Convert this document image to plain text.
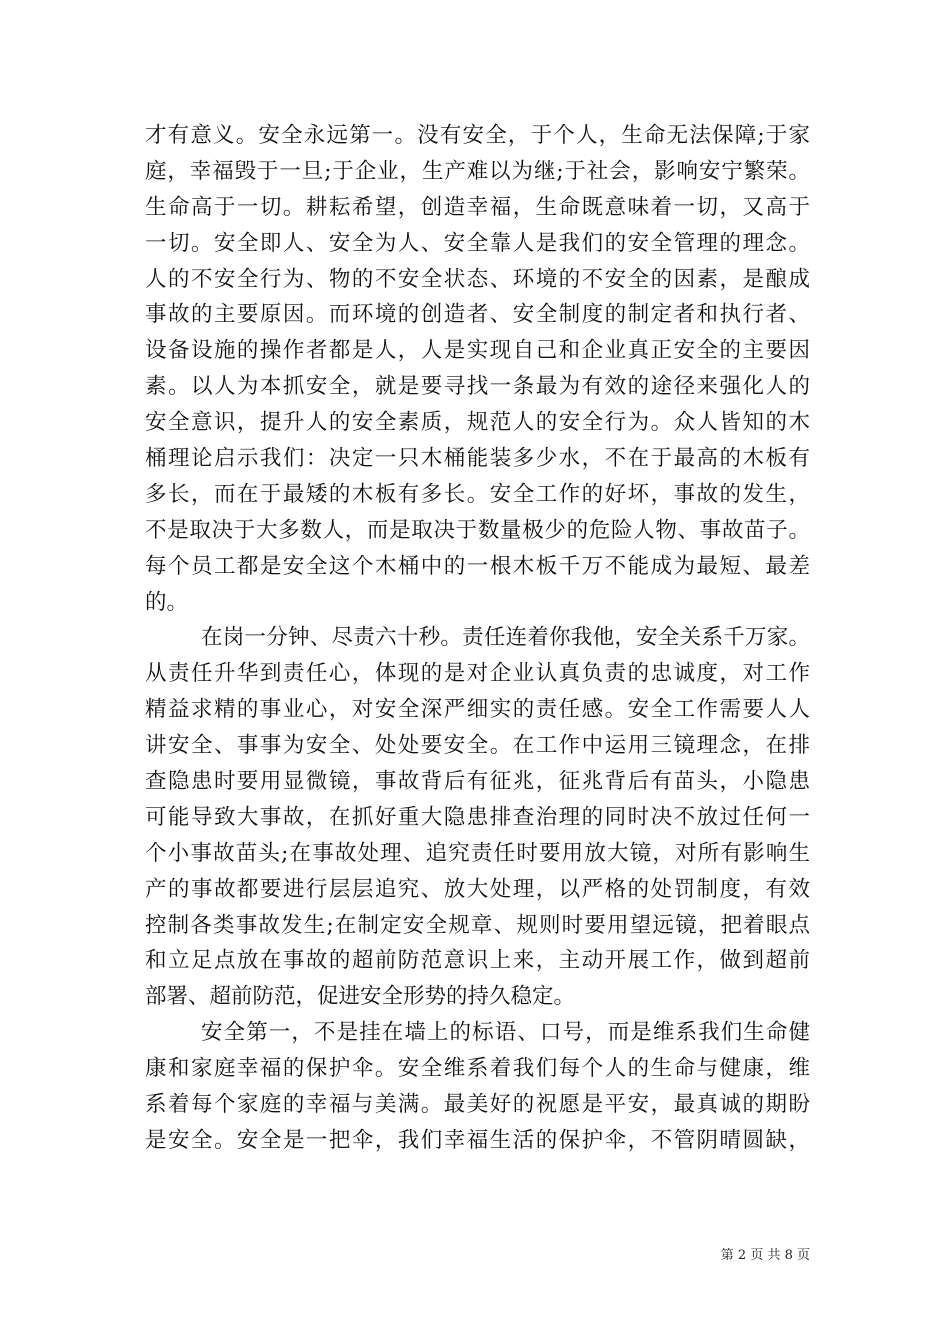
才有意义。安全永远第一。没有安全，于个人，生命无法保障;于家
庭，幸福毁于一旦;于企业，生产难以为继;于社会，影响安宁繁荣。
生命高于一切。耕耘希望，创造幸福，生命既意味着一切，又高于
一切。安全即人、安全为人、安全靠人是我们的安全管理的理念。
人的不安全行为、物的不安全状态、环境的不安全的因素，是酿成
事故的主要原因。而环境的创造者、安全制度的制定者和执行者、
设备设施的操作者都是人，人是实现自己和企业真正安全的主要因
素。以人为本抓安全，就是要寻找一条最为有效的途径来强化人的
安全意识，提升人的安全素质，规范人的安全行为。众人皆知的木
桶理论启示我们：决定一只木桶能装多少水，不在于最高的木板有
多长，而在于最矮的木板有多长。安全工作的好坏，事故的发生，
不是取决于大多数人，而是取决于数量极少的危险人物、事故苗子。
每个员工都是安全这个木桶中的一根木板千万不能成为最短、最差
的。
在岗一分钟、尽责六十秒。责任连着你我他，安全关系千万家。
从责任升华到责任心，体现的是对企业认真负责的忠诚度，对工作
精益求精的事业心，对安全深严细实的责任感。安全工作需要人人
讲安全、事事为安全、处处要安全。在工作中运用三镜理念，在排
查隐患时要用显微镜，事故背后有征兆，征兆背后有苗头，小隐患
可能导致大事故，在抓好重大隐患排查治理的同时决不放过任何一
个小事故苗头;在事故处理、追究责任时要用放大镜，对所有影响生
产的事故都要进行层层追究、放大处理，以严格的处罚制度，有效
控制各类事故发生;在制定安全规章、规则时要用望远镜，把着眼点
和立足点放在事故的超前防范意识上来，主动开展工作，做到超前
部署、超前防范，促进安全形势的持久稳定。
安全第一，不是挂在墙上的标语、口号，而是维系我们生命健
康和家庭幸福的保护伞。安全维系着我们每个人的生命与健康，维
系着每个家庭的幸福与美满。最美好的祝愿是平安，最真诚的期盼
是安全。安全是一把伞，我们幸福生活的保护伞，不管阴晴圆缺，
第 2 页 共 8 页
